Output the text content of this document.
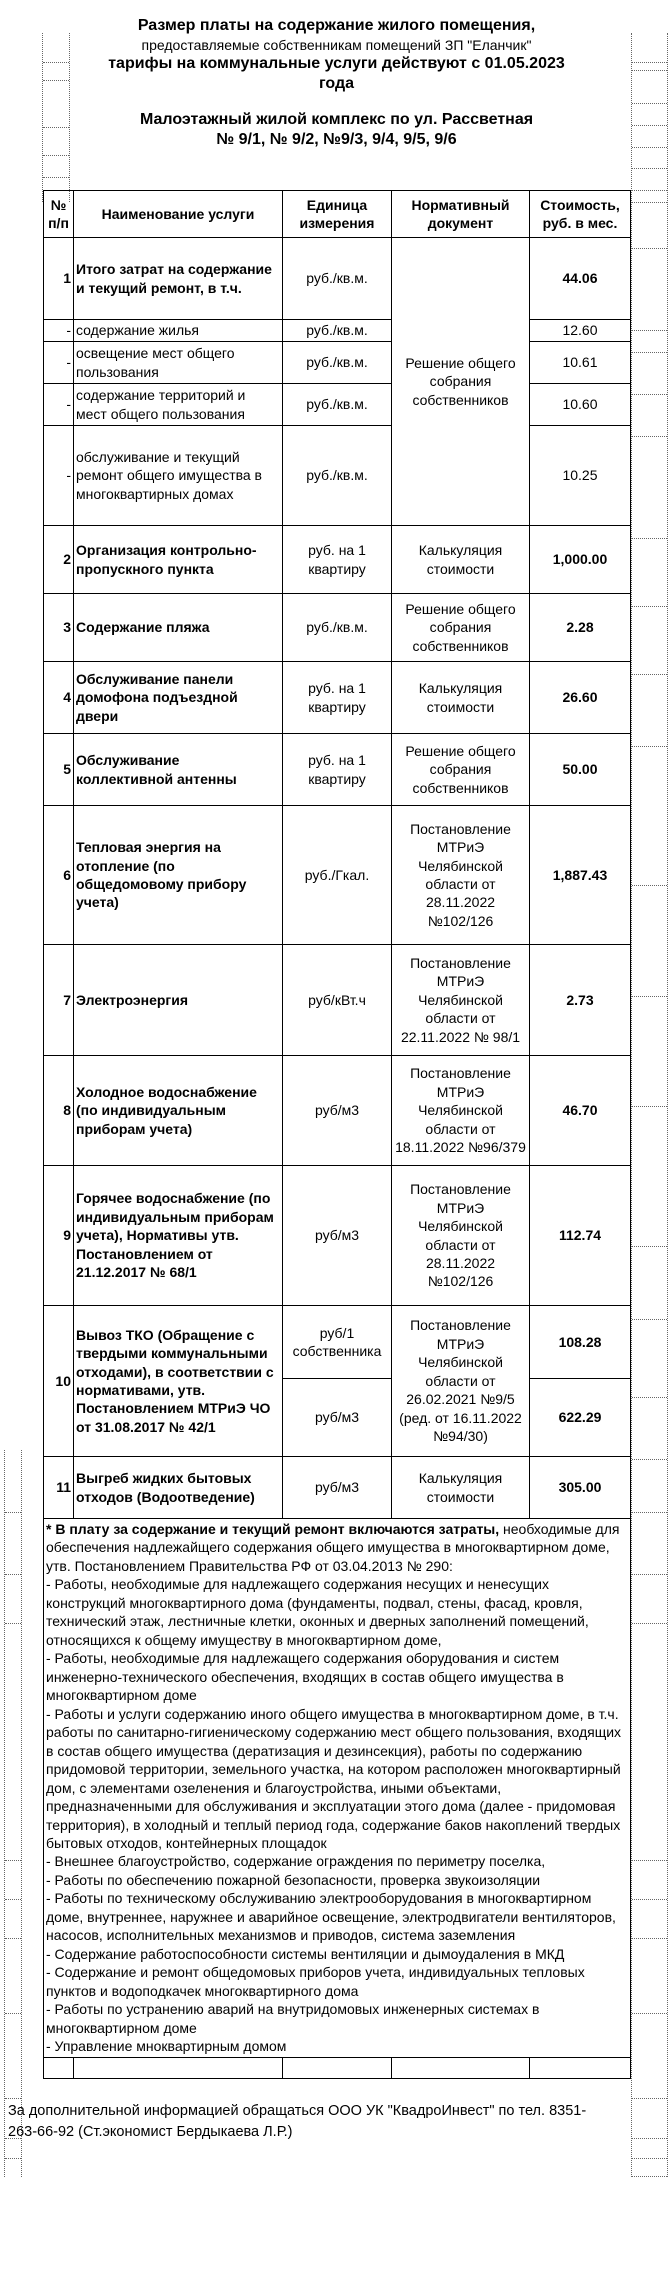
Размер платы на содержание жилого помещения,
предоставляемые собственникам помещений ЗП "Еланчик"
тарифы на коммунальные услуги действуют с 01.05.2023
года
Малоэтажный жилой комплекс по ул. Рассветная
№ 9/1, № 9/2, №9/3, 9/4, 9/5, 9/6
№ п/п	Наименование услуги	Единица измерения	Нормативный документ	Стоимость, руб. в мес.
1	Итого затрат на содержание и текущий ремонт, в т.ч.	руб./кв.м.	Решение общего собрания собственников	44.06
-	содержание жилья	руб./кв.м.		12.60
-	освещение мест общего пользования	руб./кв.м.		10.61
-	содержание территорий и мест общего пользования	руб./кв.м.		10.60
-	обслуживание и текущий ремонт общего имущества в многоквартирных домах	руб./кв.м.		10.25
2	Организация контрольно-пропускного пункта	руб. на 1 квартиру	Калькуляция стоимости	1,000.00
3	Содержание пляжа	руб./кв.м.	Решение общего собрания собственников	2.28
4	Обслуживание панели домофона подъездной двери	руб. на 1 квартиру	Калькуляция стоимости	26.60
5	Обслуживание коллективной антенны	руб. на 1 квартиру	Решение общего собрания собственников	50.00
6	Тепловая энергия на отопление (по общедомовому прибору учета)	руб./Гкал.	Постановление МТРиЭ Челябинской области от 28.11.2022 №102/126	1,887.43
7	Электроэнергия	руб/кВт.ч	Постановление МТРиЭ Челябинской области от 22.11.2022 № 98/1	2.73
8	Холодное водоснабжение (по индивидуальным приборам учета)	руб/м3	Постановление МТРиЭ Челябинской области от 18.11.2022 №96/379	46.70
9	Горячее водоснабжение (по индивидуальным приборам учета), Нормативы утв. Постановлением от 21.12.2017 № 68/1	руб/м3	Постановление МТРиЭ Челябинской области от 28.11.2022 №102/126	112.74
10	Вывоз ТКО (Обращение с твердыми коммунальными отходами), в соответствии с нормативами, утв. Постановлением МТРиЭ ЧО от 31.08.2017 № 42/1	руб/1 собственника	Постановление МТРиЭ Челябинской области от 26.02.2021 №9/5 (ред. от 16.11.2022 №94/30)	108.28
		руб/м3		622.29
11	Выгреб жидких бытовых отходов (Водоотведение)	руб/м3	Калькуляция стоимости	305.00

* В плату за содержание и текущий ремонт включаются затраты, необходимые для обеспечения надлежайщего содержания общего имущества в многоквартирном доме, утв. Постановлением Правительства РФ от 03.04.2013 № 290:

- Работы, необходимые для надлежащего содержания несущих и ненесущих конструкций многоквартирного дома (фундаменты, подвал, стены, фасад, кровля, технический этаж, лестничные клетки, оконных и дверных заполнений помещений, относящихся к общему имуществу в многоквартирном доме,

- Работы, необходимые для надлежащего содержания оборудования и систем инженерно-технического обеспечения, входящих в состав общего имущества в многоквартирном доме

- Работы и услуги содержанию иного общего имущества в многоквартирном доме, в т.ч. работы по санитарно-гигиеническому содержанию мест общего пользования, входящих в состав общего имущества (дератизация и дезинсекция), работы по содержанию придомовой территории, земельного участка, на котором расположен многоквартирный дом, с элементами озеленения и благоустройства, иными объектами, предназначенными для обслуживания и эксплуатации этого дома (далее - придомовая территория), в холодный и теплый период года, содержание баков накоплений твердых бытовых отходов, контейнерных площадок

- Внешнее благоустройство, содержание ограждения по периметру поселка,

- Работы по обеспечению пожарной безопасности, проверка звукоизоляции

- Работы по техническому обслуживанию электрооборудования в многоквартирном доме, внутреннее, наружнее и аварийное освещение, электродвигатели вентиляторов, насосов, исполнительных механизмов и приводов, система заземления

- Содержание работоспособности системы вентиляции и дымоудаления в МКД

- Содержание и ремонт общедомовых приборов учета, индивидуальных тепловых пунктов и водоподкачек многоквартирного дома

- Работы по устранению аварий на внутридомовых инженерных системах в многоквартирном доме

- Управление мноквартирным домом

За дополнительной информацией обращаться ООО УК "КвадроИнвест" по тел. 8351-263-66-92 (Ст.экономист Бердыкаева Л.Р.)
